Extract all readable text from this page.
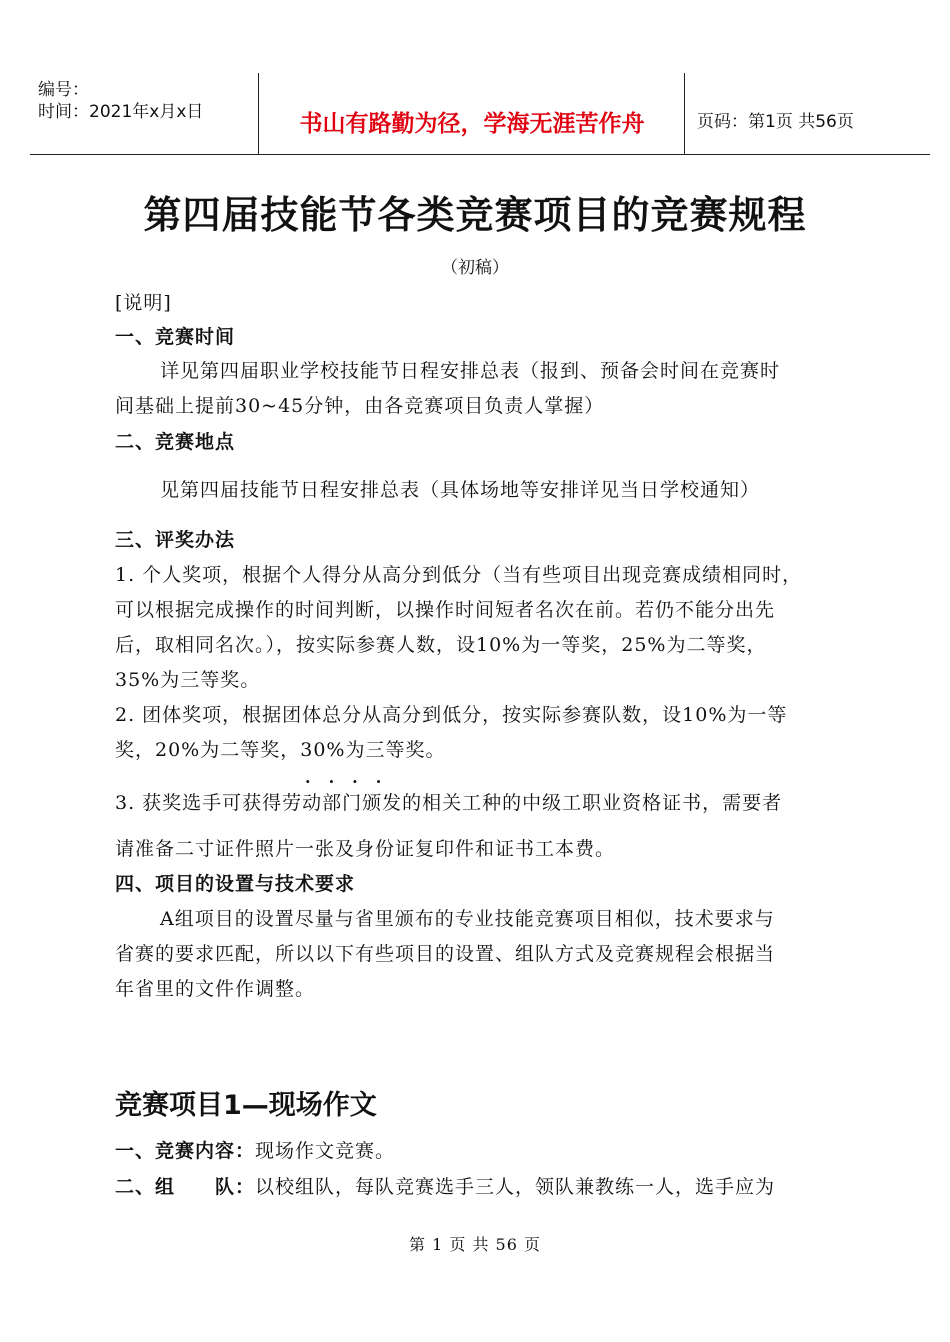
编号：
时间：2021年x月x日	书山有路勤为径，学海无涯苦作舟	页码：第1页 共56页
第四届技能节各类竞赛项目的竞赛规程
（初稿）
[说明]
一、竞赛时间
详见第四届职业学校技能节日程安排总表（报到、预备会时间在竞赛时
间基础上提前30~45分钟，由各竞赛项目负责人掌握）
二、竞赛地点
见第四届技能节日程安排总表（具体场地等安排详见当日学校通知）
三、评奖办法
1. 个人奖项，根据个人得分从高分到低分（当有些项目出现竞赛成绩相同时，
可以根据完成操作的时间判断，以操作时间短者名次在前。若仍不能分出先
后，取相同名次。），按实际参赛人数，设10%为一等奖，25%为二等奖，
35%为三等奖。
2. 团体奖项，根据团体总分从高分到低分，按实际参赛队数，设10%为一等
奖，20%为二等奖，30%为三等奖。
....
3. 获奖选手可获得劳动部门颁发的相关工种的中级工职业资格证书，需要者
请准备二寸证件照片一张及身份证复印件和证书工本费。
四、项目的设置与技术要求
A组项目的设置尽量与省里颁布的专业技能竞赛项目相似，技术要求与
省赛的要求匹配，所以以下有些项目的设置、组队方式及竞赛规程会根据当
年省里的文件作调整。
竞赛项目1—现场作文
一、竞赛内容：现场作文竞赛。
二、组　　队：以校组队，每队竞赛选手三人，领队兼教练一人，选手应为
第 1 页 共 56 页
